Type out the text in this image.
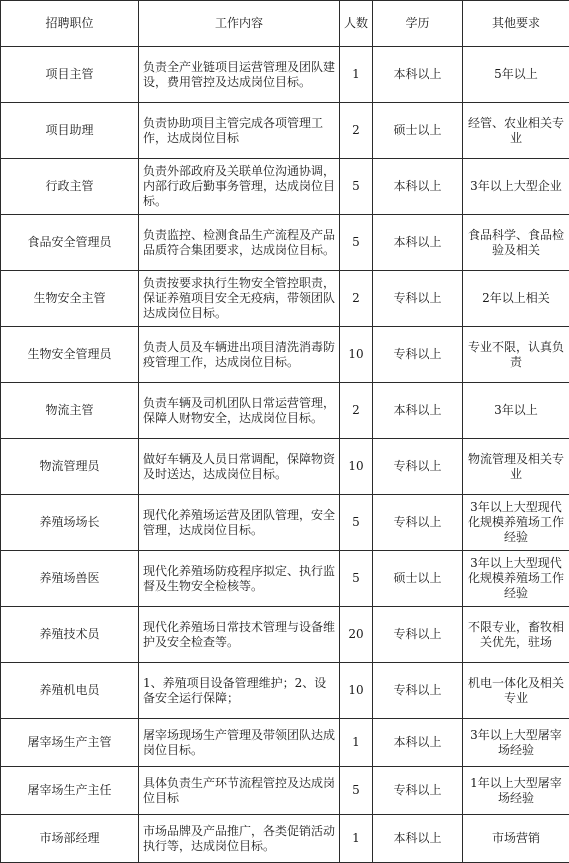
招聘职位	工作内容	人数	学历	其他要求
项目主管	负责全产业链项目运营管理及团队建设，费用管控及达成岗位目标。	1	本科以上	5年以上
项目助理	负责协助项目主管完成各项管理工作，达成岗位目标	2	硕士以上	经管、农业相关专业
行政主管	负责外部政府及关联单位沟通协调，内部行政后勤事务管理，达成岗位目标。	5	本科以上	3年以上大型企业
食品安全管理员	负责监控、检测食品生产流程及产品品质符合集团要求，达成岗位目标。	5	本科以上	食品科学、食品检验及相关
生物安全主管	负责按要求执行生物安全管控职责，保证养殖项目安全无疫病，带领团队达成岗位目标。	2	专科以上	2年以上相关
生物安全管理员	负责人员及车辆进出项目清洗消毒防疫管理工作，达成岗位目标。	10	专科以上	专业不限，认真负责
物流主管	负责车辆及司机团队日常运营管理，保障人财物安全，达成岗位目标。	2	本科以上	3年以上
物流管理员	做好车辆及人员日常调配，保障物资及时送达，达成岗位目标。	10	专科以上	物流管理及相关专业
养殖场场长	现代化养殖场运营及团队管理，安全管理，达成岗位目标。	5	专科以上	3年以上大型现代化规模养殖场工作经验
养殖场兽医	现代化养殖场防疫程序拟定、执行监督及生物安全检核等。	5	硕士以上	3年以上大型现代化规模养殖场工作经验
养殖技术员	现代化养殖场日常技术管理与设备维护及安全检查等。	20	专科以上	不限专业，畜牧相关优先，驻场
养殖机电员	1、养殖项目设备管理维护；2、设备安全运行保障；	10	专科以上	机电一体化及相关专业
屠宰场生产主管	屠宰场现场生产管理及带领团队达成岗位目标。	1	本科以上	3年以上大型屠宰场经验
屠宰场生产主任	具体负责生产环节流程管控及达成岗位目标	5	专科以上	1年以上大型屠宰场经验
市场部经理	市场品牌及产品推广，各类促销活动执行等，达成岗位目标。	1	本科以上	市场营销
